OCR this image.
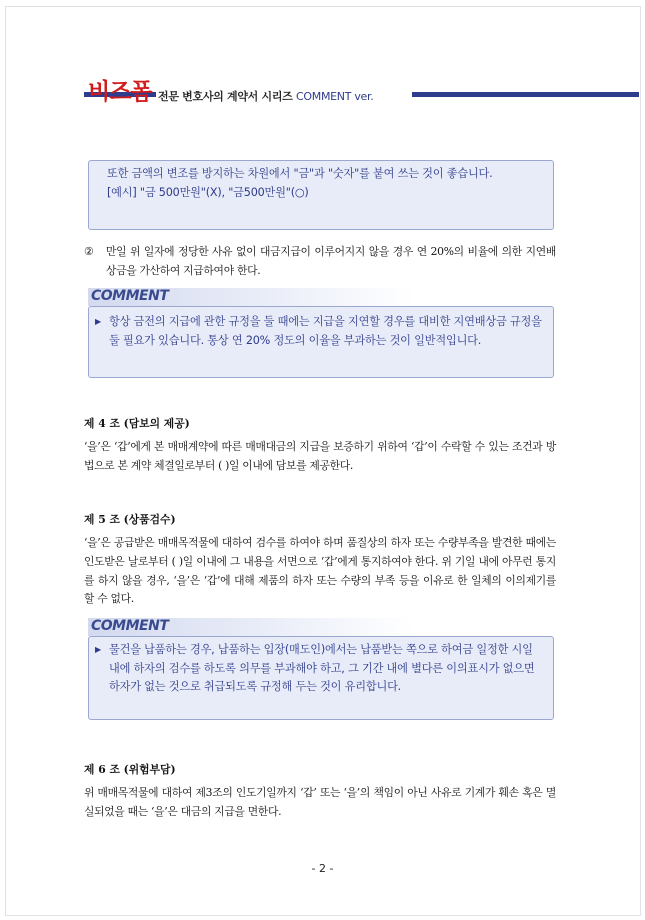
비즈폼 전문 변호사의 계약서 시리즈 COMMENT ver.
또한 금액의 변조를 방지하는 차원에서 "금"과 "숫자"를 붙여 쓰는 것이 좋습니다.
[예시] "금 500만원"(X), "금500만원"(○)
②	만일 위 일자에 정당한 사유 없이 대금지급이 이루어지지 않을 경우 연 20%의 비율에 의한 지연배상금을 가산하여 지급하여야 한다.
COMMENT
▶ 항상 금전의 지급에 관한 규정을 둘 때에는 지급을 지연할 경우를 대비한 지연배상금 규정을 둘 필요가 있습니다. 통상 연 20% 정도의 이율을 부과하는 것이 일반적입니다.
제 4 조 (담보의 제공)
‘을’은 ‘갑’에게 본 매매계약에 따른 매매대금의 지급을 보증하기 위하여 ‘갑’이 수락할 수 있는 조건과 방법으로 본 계약 체결일로부터 ( )일 이내에 담보를 제공한다.
제 5 조 (상품검수)
‘을’은 공급받은 매매목적물에 대하여 검수를 하여야 하며 품질상의 하자 또는 수량부족을 발견한 때에는 인도받은 날로부터 ( )일 이내에 그 내용을 서면으로 ‘갑’에게 통지하여야 한다. 위 기일 내에 아무런 통지를 하지 않을 경우, ‘을’은 ‘갑’에 대해 제품의 하자 또는 수량의 부족 등을 이유로 한 일체의 이의제기를 할 수 없다.
COMMENT
▶ 물건을 납품하는 경우, 납품하는 입장(매도인)에서는 납품받는 쪽으로 하여금 일정한 시일 내에 하자의 검수를 하도록 의무를 부과해야 하고, 그 기간 내에 별다른 이의표시가 없으면 하자가 없는 것으로 취급되도록 규정해 두는 것이 유리합니다.
제 6 조 (위험부담)
위 매매목적물에 대하여 제3조의 인도기일까지 ‘갑’ 또는 ‘을’의 책임이 아닌 사유로 기계가 훼손 혹은 멸실되었을 때는 ‘을’은 대금의 지급을 면한다.
- 2 -
